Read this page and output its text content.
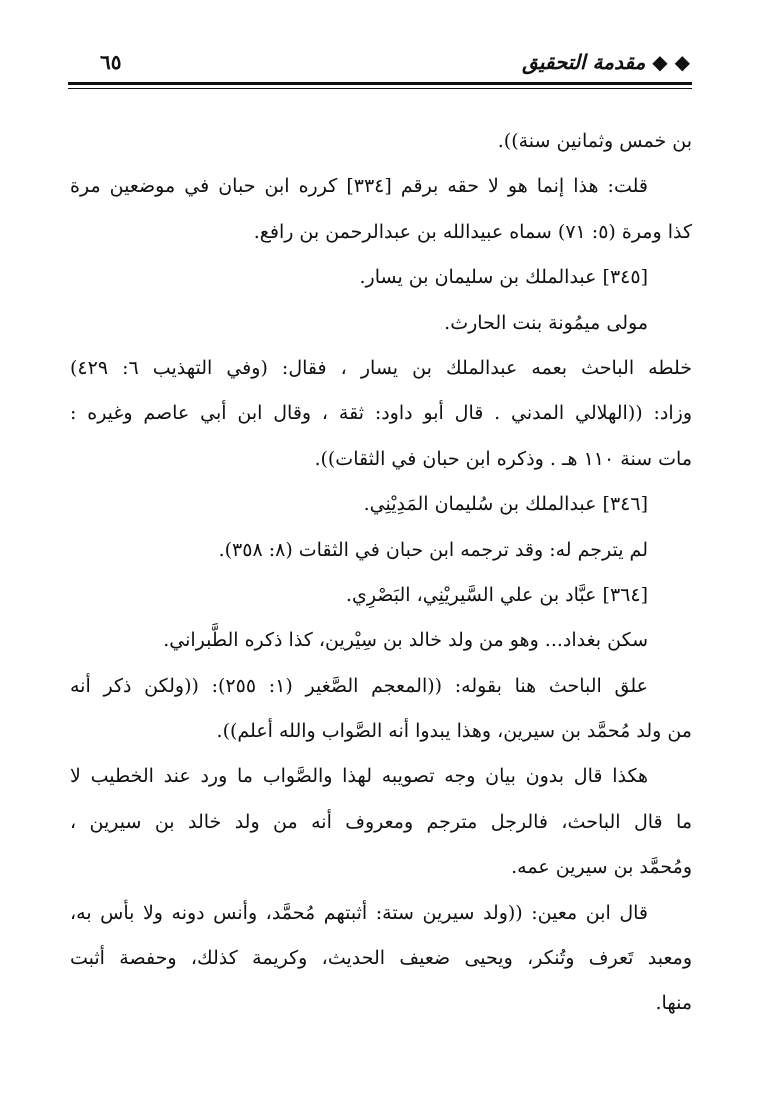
◆ ◆ مقدمة التحقيق
٦٥
بن خمس وثمانين سنة)).
قلت: هذا إنما هو لا حقه برقم [٣٣٤] كرره ابن حبان في موضعين مرة
كذا ومرة (٥: ٧١) سماه عبيدالله بن عبدالرحمن بن رافع.
[٣٤٥] عبدالملك بن سليمان بن يسار.
مولى ميمُونة بنت الحارث.
خلطه الباحث بعمه عبدالملك بن يسار ، فقال: (وفي التهذيب ٦: ٤٢٩)
وزاد: ((الهلالي المدني . قال أبو داود: ثقة ، وقال ابن أبي عاصم وغيره :
مات سنة ١١٠ هـ . وذكره ابن حبان في الثقات)).
[٣٤٦] عبدالملك بن سُليمان المَدِيْنِي.
لم يترجم له: وقد ترجمه ابن حبان في الثقات (٨: ٣٥٨).
[٣٦٤] عبَّاد بن علي السَّيريْنِي، البَصْرِي.
سكن بغداد... وهو من ولد خالد بن سِيْرين، كذا ذكره الطَّبراني.
علق الباحث هنا بقوله: ((المعجم الصَّغير (١: ٢٥٥): ((ولكن ذكر أنه
من ولد مُحمَّد بن سيرين، وهذا يبدوا أنه الصَّواب والله أعلم)).
هكذا قال بدون بيان وجه تصويبه لهذا والصَّواب ما ورد عند الخطيب لا
ما قال الباحث، فالرجل مترجم ومعروف أنه من ولد خالد بن سيرين ،
ومُحمَّد بن سيرين عمه.
قال ابن معين: ((ولد سيرين ستة: أثبتهم مُحمَّد، وأنس دونه ولا بأس به،
ومعبد تَعرف وتُنكر، ويحيى ضعيف الحديث، وكريمة كذلك، وحفصة أثبت
منها.
